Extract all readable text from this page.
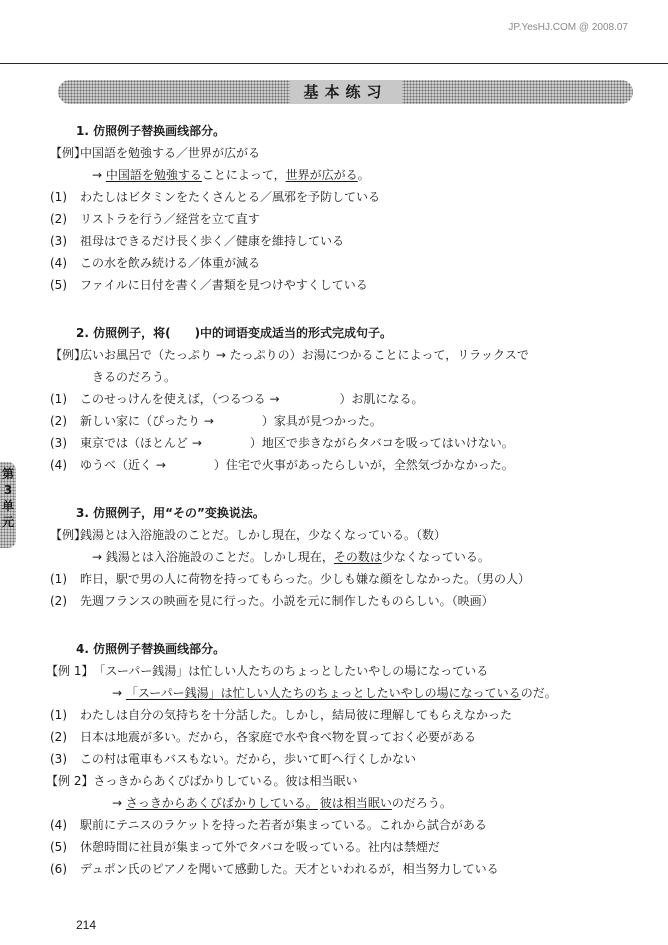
JP.YesHJ.COM @ 2008.07
基本练习
第3单元
1. 仿照例子替换画线部分。
【例】中国語を勉強する／世界が広がる
→ 中国語を勉強することによって，世界が広がる。
(1) わたしはビタミンをたくさんとる／風邪を予防している
(2) リストラを行う／経営を立て直す
(3) 祖母はできるだけ長く歩く／健康を維持している
(4) この水を飲み続ける／体重が減る
(5) ファイルに日付を書く／書類を見つけやすくしている
2. 仿照例子，将(　　)中的词语变成适当的形式完成句子。
【例】広いお風呂で（たっぷり → たっぷりの）お湯につかることによって，リラックスで
きるのだろう。
(1) このせっけんを使えば，（つるつる →　　　　　）お肌になる。
(2) 新しい家に（ぴったり →　　　　）家具が見つかった。
(3) 東京では（ほとんど →　　　　）地区で歩きながらタバコを吸ってはいけない。
(4) ゆうべ（近く →　　　　）住宅で火事があったらしいが，全然気づかなかった。
3. 仿照例子，用“その”变换说法。
【例】銭湯とは入浴施設のことだ。しかし現在，少なくなっている。（数）
→ 銭湯とは入浴施設のことだ。しかし現在，その数は少なくなっている。
(1) 昨日，駅で男の人に荷物を持ってもらった。少しも嫌な顔をしなかった。（男の人）
(2) 先週フランスの映画を見に行った。小説を元に制作したものらしい。（映画）
4. 仿照例子替换画线部分。
【例 1】「スーパー銭湯」は忙しい人たちのちょっとしたいやしの場になっている
→ 「スーパー銭湯」は忙しい人たちのちょっとしたいやしの場になっているのだ。
(1) わたしは自分の気持ちを十分話した。しかし，結局彼に理解してもらえなかった
(2) 日本は地震が多い。だから，各家庭で水や食べ物を買っておく必要がある
(3) この村は電車もバスもない。だから，歩いて町へ行くしかない
【例 2】さっきからあくびばかりしている。彼は相当眠い
→ さっきからあくびばかりしている。 彼は相当眠いのだろう。
(4) 駅前にテニスのラケットを持った若者が集まっている。これから試合がある
(5) 休憩時間に社員が集まって外でタバコを吸っている。社内は禁煙だ
(6) デュポン氏のピアノを聞いて感動した。天才といわれるが，相当努力している
214
